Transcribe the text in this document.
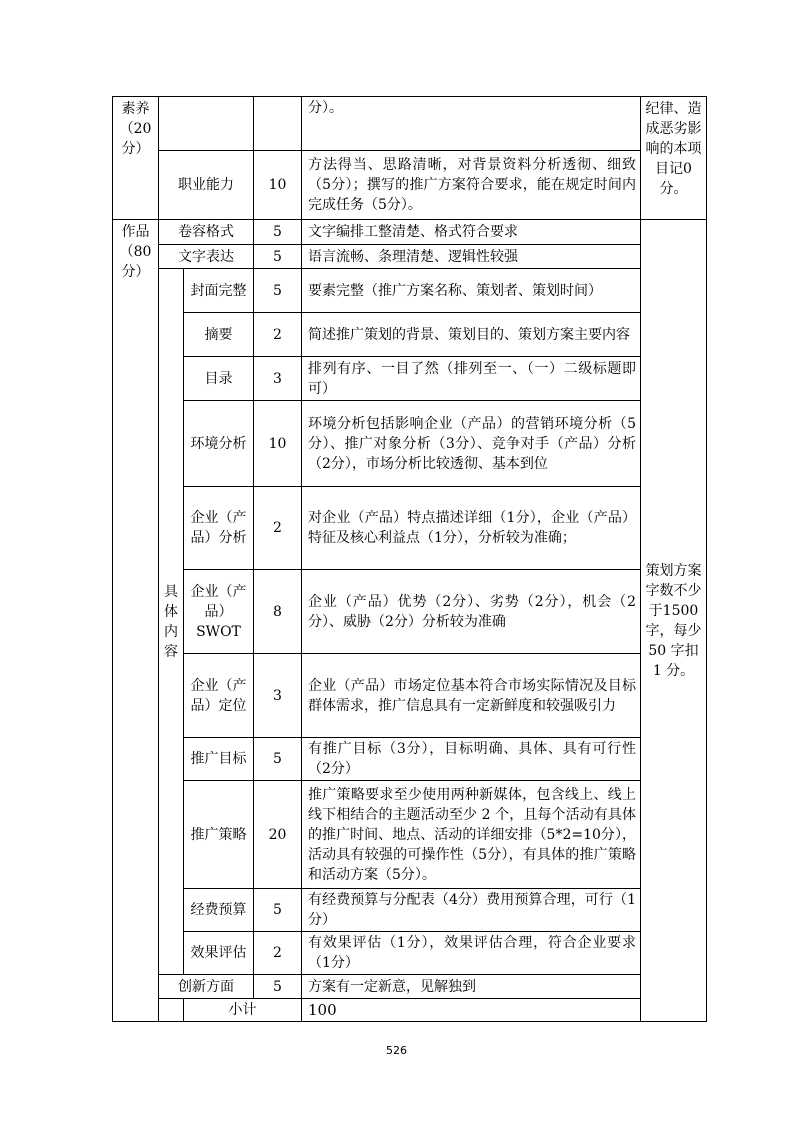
素养（20分）				分）。	纪律、造成恶劣影响的本项目记0分。
	职业能力		10	方法得当、思路清晰，对背景资料分析透彻、细致（5分）；撰写的推广方案符合要求，能在规定时间内完成任务（5分）。	
作品（80分）	卷容格式		5	文字编排工整清楚、格式符合要求	策划方案字数不少于1500字，每少 50 字扣 1 分。
	文字表达		5	语言流畅、条理清楚、逻辑性较强	
	具体内容	封面完整	5	要素完整（推广方案名称、策划者、策划时间）	
		摘要	2	简述推广策划的背景、策划目的、策划方案主要内容	
		目录	3	排列有序、一目了然（排列至一、（一）二级标题即可）	
		环境分析	10	环境分析包括影响企业（产品）的营销环境分析（5分）、推广对象分析（3分）、竞争对手（产品）分析（2分），市场分析比较透彻、基本到位	
		企业（产品）分析	2	对企业（产品）特点描述详细（1分），企业（产品）特征及核心利益点（1分），分析较为准确；	
		企业（产品）SWOT	8	企业（产品）优势（2分）、劣势（2分），机会（2分）、威胁（2分）分析较为准确	
		企业（产品）定位	3	企业（产品）市场定位基本符合市场实际情况及目标群体需求，推广信息具有一定新鲜度和较强吸引力	
		推广目标	5	有推广目标（3分），目标明确、具体、具有可行性（2分）	
		推广策略	20	推广策略要求至少使用两种新媒体，包含线上、线上线下相结合的主题活动至少 2 个，且每个活动有具体的推广时间、地点、活动的详细安排（5*2=10分），活动具有较强的可操作性（5分），有具体的推广策略和活动方案（5分）。	
		经费预算	5	有经费预算与分配表（4分）费用预算合理，可行（1分）	
		效果评估	2	有效果评估（1分），效果评估合理，符合企业要求（1分）	
	创新方面		5	方案有一定新意，见解独到	
		小计		100	
526
